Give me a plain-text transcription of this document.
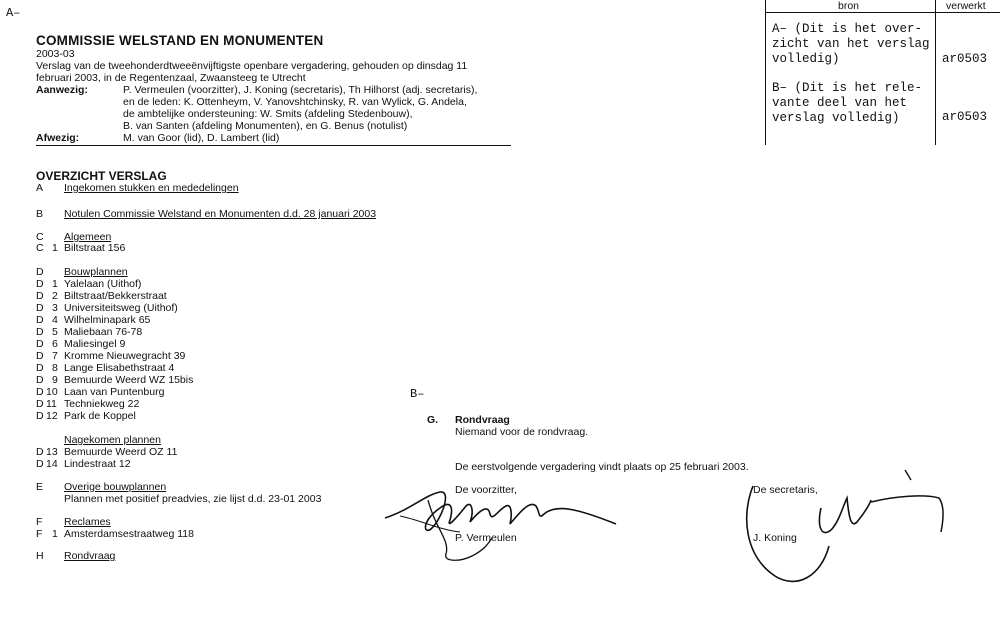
A–
COMMISSIE WELSTAND EN MONUMENTEN
2003-03
Verslag van de tweehonderdtweeënvijftigste openbare vergadering, gehouden op dinsdag 11
februari 2003, in de Regentenzaal, Zwaansteeg te Utrecht
Aanwezig:	P. Vermeulen (voorzitter), J. Koning (secretaris), Th Hilhorst (adj. secretaris),
en de leden: K. Ottenheym, V. Yanovshtchinsky, R. van Wylick, G. Andela,
de ambtelijke ondersteuning: W. Smits (afdeling Stedenbouw),
B. van Santen (afdeling Monumenten), en G. Benus (notulist)
Afwezig:	M. van Goor (lid), D. Lambert (lid)
bron	verwerkt
A– (Dit is het over-
zicht van het verslag
volledig)	ar0503
B– (Dit is het rele-
vante deel van het
verslag volledig)	ar0503
OVERZICHT VERSLAG
A Ingekomen stukken en mededelingen
B Notulen Commissie Welstand en Monumenten d.d. 28 januari 2003
C Algemeen
C 1 Biltstraat 156
D Bouwplannen
D 1 Yalelaan (Uithof)
D 2 Biltstraat/Bekkerstraat
D 3 Universiteitsweg (Uithof)
D 4 Wilhelminapark 65
D 5 Maliebaan 76-78
D 6 Maliesingel 9
D 7 Kromme Nieuwegracht 39
D 8 Lange Elisabethstraat 4
D 9 Bemuurde Weerd WZ 15bis
D 10 Laan van Puntenburg
D 11 Techniekweg 22
D 12 Park de Koppel
Nagekomen plannen
D 13 Bemuurde Weerd OZ 11
D 14 Lindestraat 12
E Overige bouwplannen
Plannen met positief preadvies, zie lijst d.d. 23-01 2003
F Reclames
F 1 Amsterdamsestraatweg 118
H Rondvraag
B–
G. Rondvraag
Niemand voor de rondvraag.
De eerstvolgende vergadering vindt plaats op 25 februari 2003.
De voorzitter,
P. Vermeulen
De secretaris,
J. Koning
